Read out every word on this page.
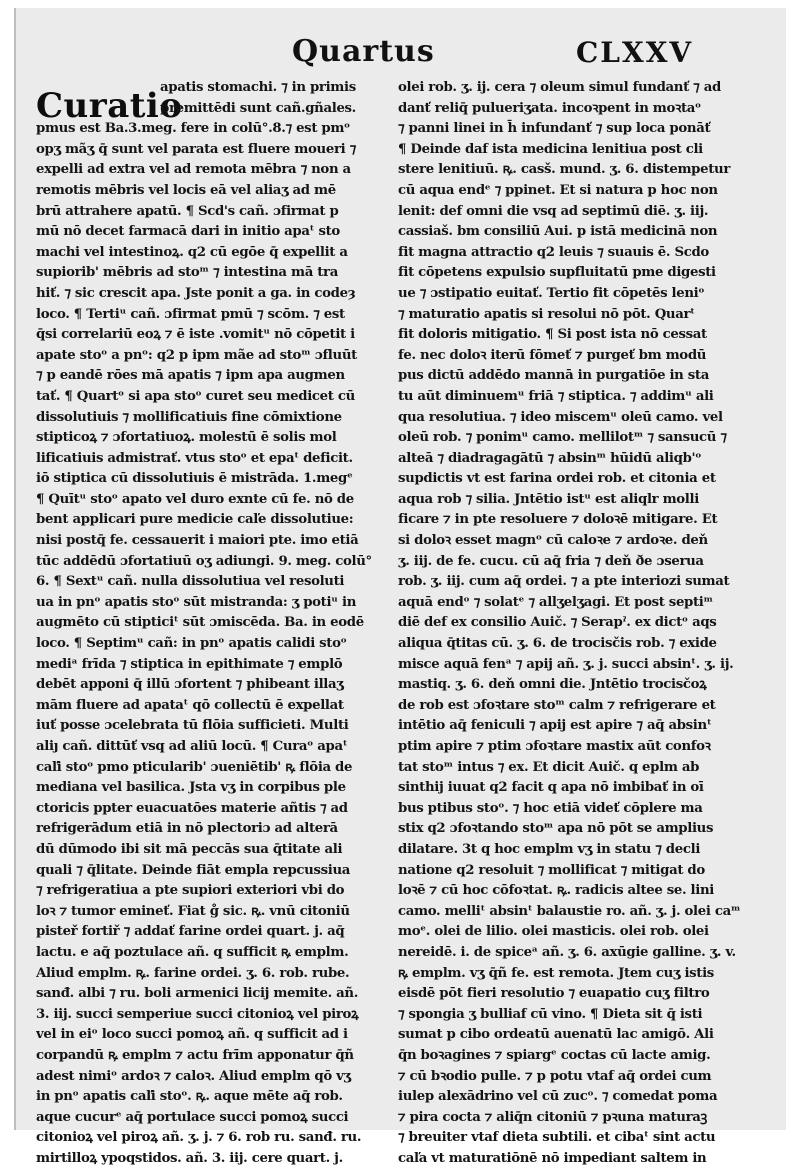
Quartus	CLXXV
Curatio
apatis stomachi. ⁊ in primis
premittēdi sunt cañ.gñales.
pmus est Ba.3.meg. fere in colū°.8.⁊ est pmᵒ
opʒ mãʒ q̄ sunt vel parata est fluere moueri ⁊
expelli ad extra vel ad remota mēbra ⁊ non a
remotis mēbris vel locis eā vel aliaʒ ad mē
brū attrahere apatū. ¶ Scd's cañ. ɔfirmat p
mū nō decet farmacā dari in initio apaᵗ sto
machi vel intestinoꝝ. q2 cū egōe q̄ expellit a
supiorib' mēbris ad stoᵐ ⁊ intestina mā tra
hiť. ⁊ sic crescit apa. Jste ponit a ga. in codeȝ
loco. ¶ Tertiᵘ cañ. ɔfirmat pmū ⁊ scōm. ⁊ est
q̄si correlariū eoꝝ ⁊ ē iste .vomitᵘ nō cōpetit i
apate stoᵒ a pnᵒ: q2 p ipm mãe ad stoᵐ ɔfluūt
⁊ p eandē rōes mā apatis ⁊ ipm apa augmen
tať. ¶ Quartᵒ si apa stoᵒ curet seu medicet cū
dissolutiuis ⁊ mollificatiuis fine cōmixtione
stipticoꝝ ⁊ ɔfortatiuoꝝ. molestū ē solis mol
lificatiuis admistrať. vtus stoᵒ et epaᵗ deficit.
iō stiptica cū dissolutiuis ē mistrāda. 1.megᵉ
¶ Quītᵘ stoᵒ apato vel duro exnte cū fe. nō de
bent applicari pure medicie caľe dissolutiue:
nisi postq̄ fe. cessauerit i maiori pte. imo etiā
tūc addēdū ɔfortatiuū oʒ adiungi. 9. meg. colū°
6. ¶ Sextᵘ cañ. nulla dissolutiua vel resoluti
ua in pnᵒ apatis stoᵒ sūt mistranda: ʒ potiᵘ in
augmēto cū stipticiᵗ sūt ɔmiscēda. Ba. in eodē
loco. ¶ Septimᵘ cañ: in pnᵒ apatis calidi stoᵒ
mediᵃ frīda ⁊ stiptica in epithimate ⁊ emplō
debēt apponi q̄ illū ɔfortent ⁊ phibeant illaʒ
mām fluere ad apataᵗ qō collectū ē expellat
iuť posse ɔcelebrata tū flōia sufficieti. Multi
aliȷ cañ. dittūť vsq ad aliū locū. ¶ Curaᵒ apaᵗ
caľi stoᵒ pmo pticularib' ɔueniētib' ꝶ flōia de
mediana vel basilica. Jsta vʒ in corpibus ple
ctoricis ppter euacuatōes materie añtis ⁊ ad
refrigerādum etiā in nō plectoriɔ ad alterā
dū dūmodo ibi sit mā peccās sua q̄titate ali
quali ⁊ q̄litate. Deinde fiāt empla repcussiua
⁊ refrigeratiua a pte supiori exteriori vbi do
loꝛ ⁊ tumor emineť. Fiat g̊ sic. ꝶ. vnū citoniū
pisteř fortiř ⁊ addať farine ordei quart. j. aq̄
lactu. e aq̄ poztulace añ. q sufficit ꝶ emplm.
Aliud emplm. ꝶ. farine ordei. ʒ. 6. rob. rube.
sanđ. albi ⁊ ru. boli armenici licij memite. añ.
3. iij. succi semperiue succi citonioꝝ vel piroꝝ
vel in eiᵒ loco succi pomoꝝ añ. q sufficit ad i
corpandū ꝶ emplm ⁊ actu frīm apponatur q̄ñ
adest nimiᵒ ardoꝛ ⁊ caloꝛ. Aliud emplm qō vʒ
in pnᵒ apatis caľi stoᵒ. ꝶ. aque mēte aq̄ rob.
aque cucurᵉ aq̄ portulace succi pomoꝝ succi
citonioꝝ vel piroꝝ añ. ʒ. j. ⁊ 6. rob ru. sanđ. ru.
mirtilloꝝ ypoqstidos. añ. 3. iij. cere quart. j.
olei rob. ʒ. ij. cera ⁊ oleum simul fundanť ⁊ ad
danť reliq̄ pulueriʒata. incoꝛpent in moꝛtaᵒ
⁊ panni linei in h̄ infundanť ⁊ sup loca ponāť
¶ Deinde daf ista medicina lenitiua post cli
stere lenitiuū. ꝶ. casš. mund. ʒ. 6. distempetur
cū aqua endᵉ ⁊ ppinet. Et si natura p hoc non
lenit: def omni die vsq ad septimū diē. ʒ. iij.
cassiaš. bm consiliū Aui. p istā medicinā non
fit magna attractio q2 leuis ⁊ suauis ē. Scdo
fit cōpetens expulsio supfluitatū pme digesti
ue ⁊ ɔstipatio euitať. Tertio fit cōpetēs leniᵒ
⁊ maturatio apatis si resolui nō pōt. Quarᵗ
fit doloris mitigatio. ¶ Si post ista nō cessat
fe. nec doloꝛ iterū fōmeť ⁊ purgeť bm modū
pus dictū addēdo mannā in purgatiōe in sta
tu aūt diminuemᵘ friā ⁊ stiptica. ⁊ addimᵘ ali
qua resolutiua. ⁊ ideo miscemᵘ oleū camo. vel
oleū rob. ⁊ ponimᵘ camo. mellilotᵐ ⁊ sansucū ⁊
alteā ⁊ diadragagātū ⁊ absinᵐ hūidū aliqb'ᵒ
supdictis vt est farina ordei rob. et citonia et
aqua rob ⁊ silia. Jntētio istᵘ est aliqlr molli
ficare ⁊ in pte resoluere ⁊ doloꝛē mitigare. Et
si doloꝛ esset magnᵒ cū caloꝛe ⁊ ardoꝛe. deň
ʒ. iij. de fe. cucu. cū aq̄ fria ⁊ deň ðe ɔserua
rob. ʒ. iij. cum aq̄ ordei. ⁊ a pte interiozi sumat
aquā endᵒ ⁊ solatᵉ ⁊ allʒelʒagi. Et post septiᵐ
diē def ex consilio Auič. ⁊ Serapˀ. ex dictᵒ aqs
aliqua q̄titas cū. ʒ. 6. de trocisčis rob. ⁊ exide
misce aquā fenᵃ ⁊ apij añ. ʒ. j. succi absinᵗ. ʒ. ij.
mastiq. ʒ. 6. deň omni die. Jntētio trocisčoꝝ
de rob est ɔfoꝛtare stoᵐ calm ⁊ refrigerare et
intētio aq̄ feniculi ⁊ apij est apire ⁊ aq̄ absinᵗ
ptim apire ⁊ ptim ɔfoꝛtare mastix aūt confoꝛ
tat stoᵐ intus ⁊ ex. Et dicit Auič. q eplm ab
sinthij iuuat q2 facit q apa nō imbibať in oī
bus ptibus stoᵒ. ⁊ hoc etiā videť cōplere ma
stix q2 ɔfoꝛtando stoᵐ apa nō pōt se amplius
dilatare. 3t q hoc emplm vʒ in statu ⁊ decli
natione q2 resoluit ⁊ mollificat ⁊ mitigat do
loꝛē ⁊ cū hoc cōfoꝛtat. ꝶ. radicis altee se. lini
camo. melliᵗ absinᵗ balaustie ro. añ. ʒ. j. olei caᵐ
moᵉ. olei de lilio. olei masticis. olei rob. olei
nereidē. i. de spiceᵃ añ. ʒ. 6. axūgie galline. ʒ. v.
ꝶ emplm. vʒ q̄ñ fe. est remota. Jtem cuʒ istis
eisdē pōt fieri resolutio ⁊ euapatio cuʒ filtro
⁊ spongia ʒ bulliaf cū vino. ¶ Dieta sit q̄ isti
sumat p cibo ordeatū auenatū lac amigō. Ali
q̄n boꝛagines ⁊ spiargᵉ coctas cū lacte amig.
⁊ cū bꝛodio pulle. ⁊ p potu vtaf aq̄ ordei cum
iulep alexādrino vel cū zucᵒ. ⁊ comedat poma
⁊ pira cocta ⁊ aliq̄n citoniū ⁊ pꝛuna maturaꝫ
⁊ breuiter vtaf dieta subtili. et cibaᵗ sint actu
caľa vt maturatiōnē nō impediant saltem in
